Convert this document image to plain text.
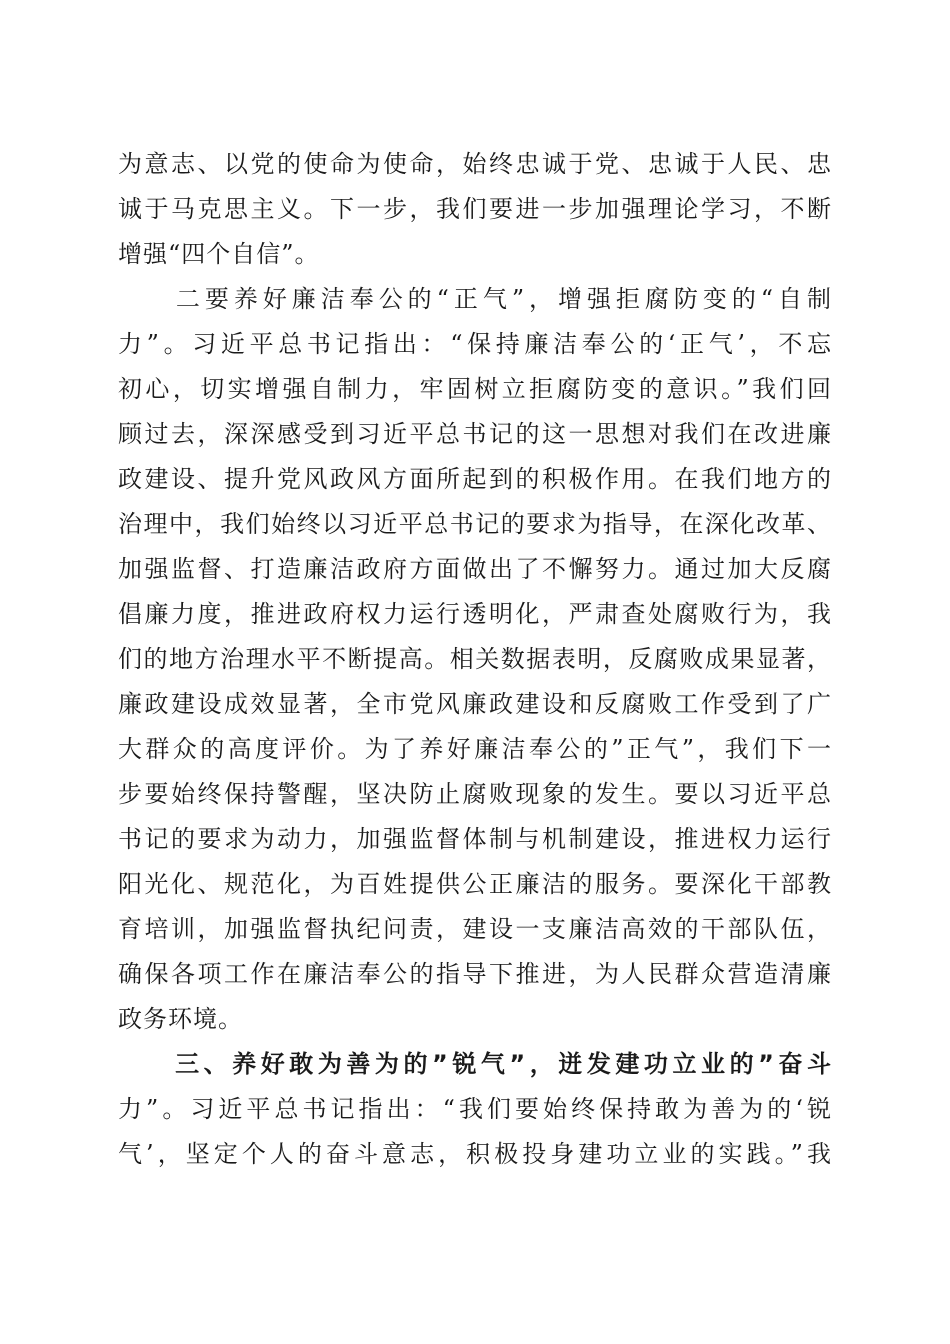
为意志、以党的使命为使命，始终忠诚于党、忠诚于人民、忠
诚于马克思主义。下一步，我们要进一步加强理论学习，不断
增强“四个自信”。
　　二要养好廉洁奉公的“正气”，增强拒腐防变的“自制
力”。习近平总书记指出：“保持廉洁奉公的‘正气’，不忘
初心，切实增强自制力，牢固树立拒腐防变的意识。”我们回
顾过去，深深感受到习近平总书记的这一思想对我们在改进廉
政建设、提升党风政风方面所起到的积极作用。在我们地方的
治理中，我们始终以习近平总书记的要求为指导，在深化改革、
加强监督、打造廉洁政府方面做出了不懈努力。通过加大反腐
倡廉力度，推进政府权力运行透明化，严肃查处腐败行为，我
们的地方治理水平不断提高。相关数据表明，反腐败成果显著，
廉政建设成效显著，全市党风廉政建设和反腐败工作受到了广
大群众的高度评价。为了养好廉洁奉公的”正气”，我们下一
步要始终保持警醒，坚决防止腐败现象的发生。要以习近平总
书记的要求为动力，加强监督体制与机制建设，推进权力运行
阳光化、规范化，为百姓提供公正廉洁的服务。要深化干部教
育培训，加强监督执纪问责，建设一支廉洁高效的干部队伍，
确保各项工作在廉洁奉公的指导下推进，为人民群众营造清廉
政务环境。
　　三、养好敢为善为的”锐气”，迸发建功立业的”奋斗
力”。习近平总书记指出：“我们要始终保持敢为善为的‘锐
气’，坚定个人的奋斗意志，积极投身建功立业的实践。”我
